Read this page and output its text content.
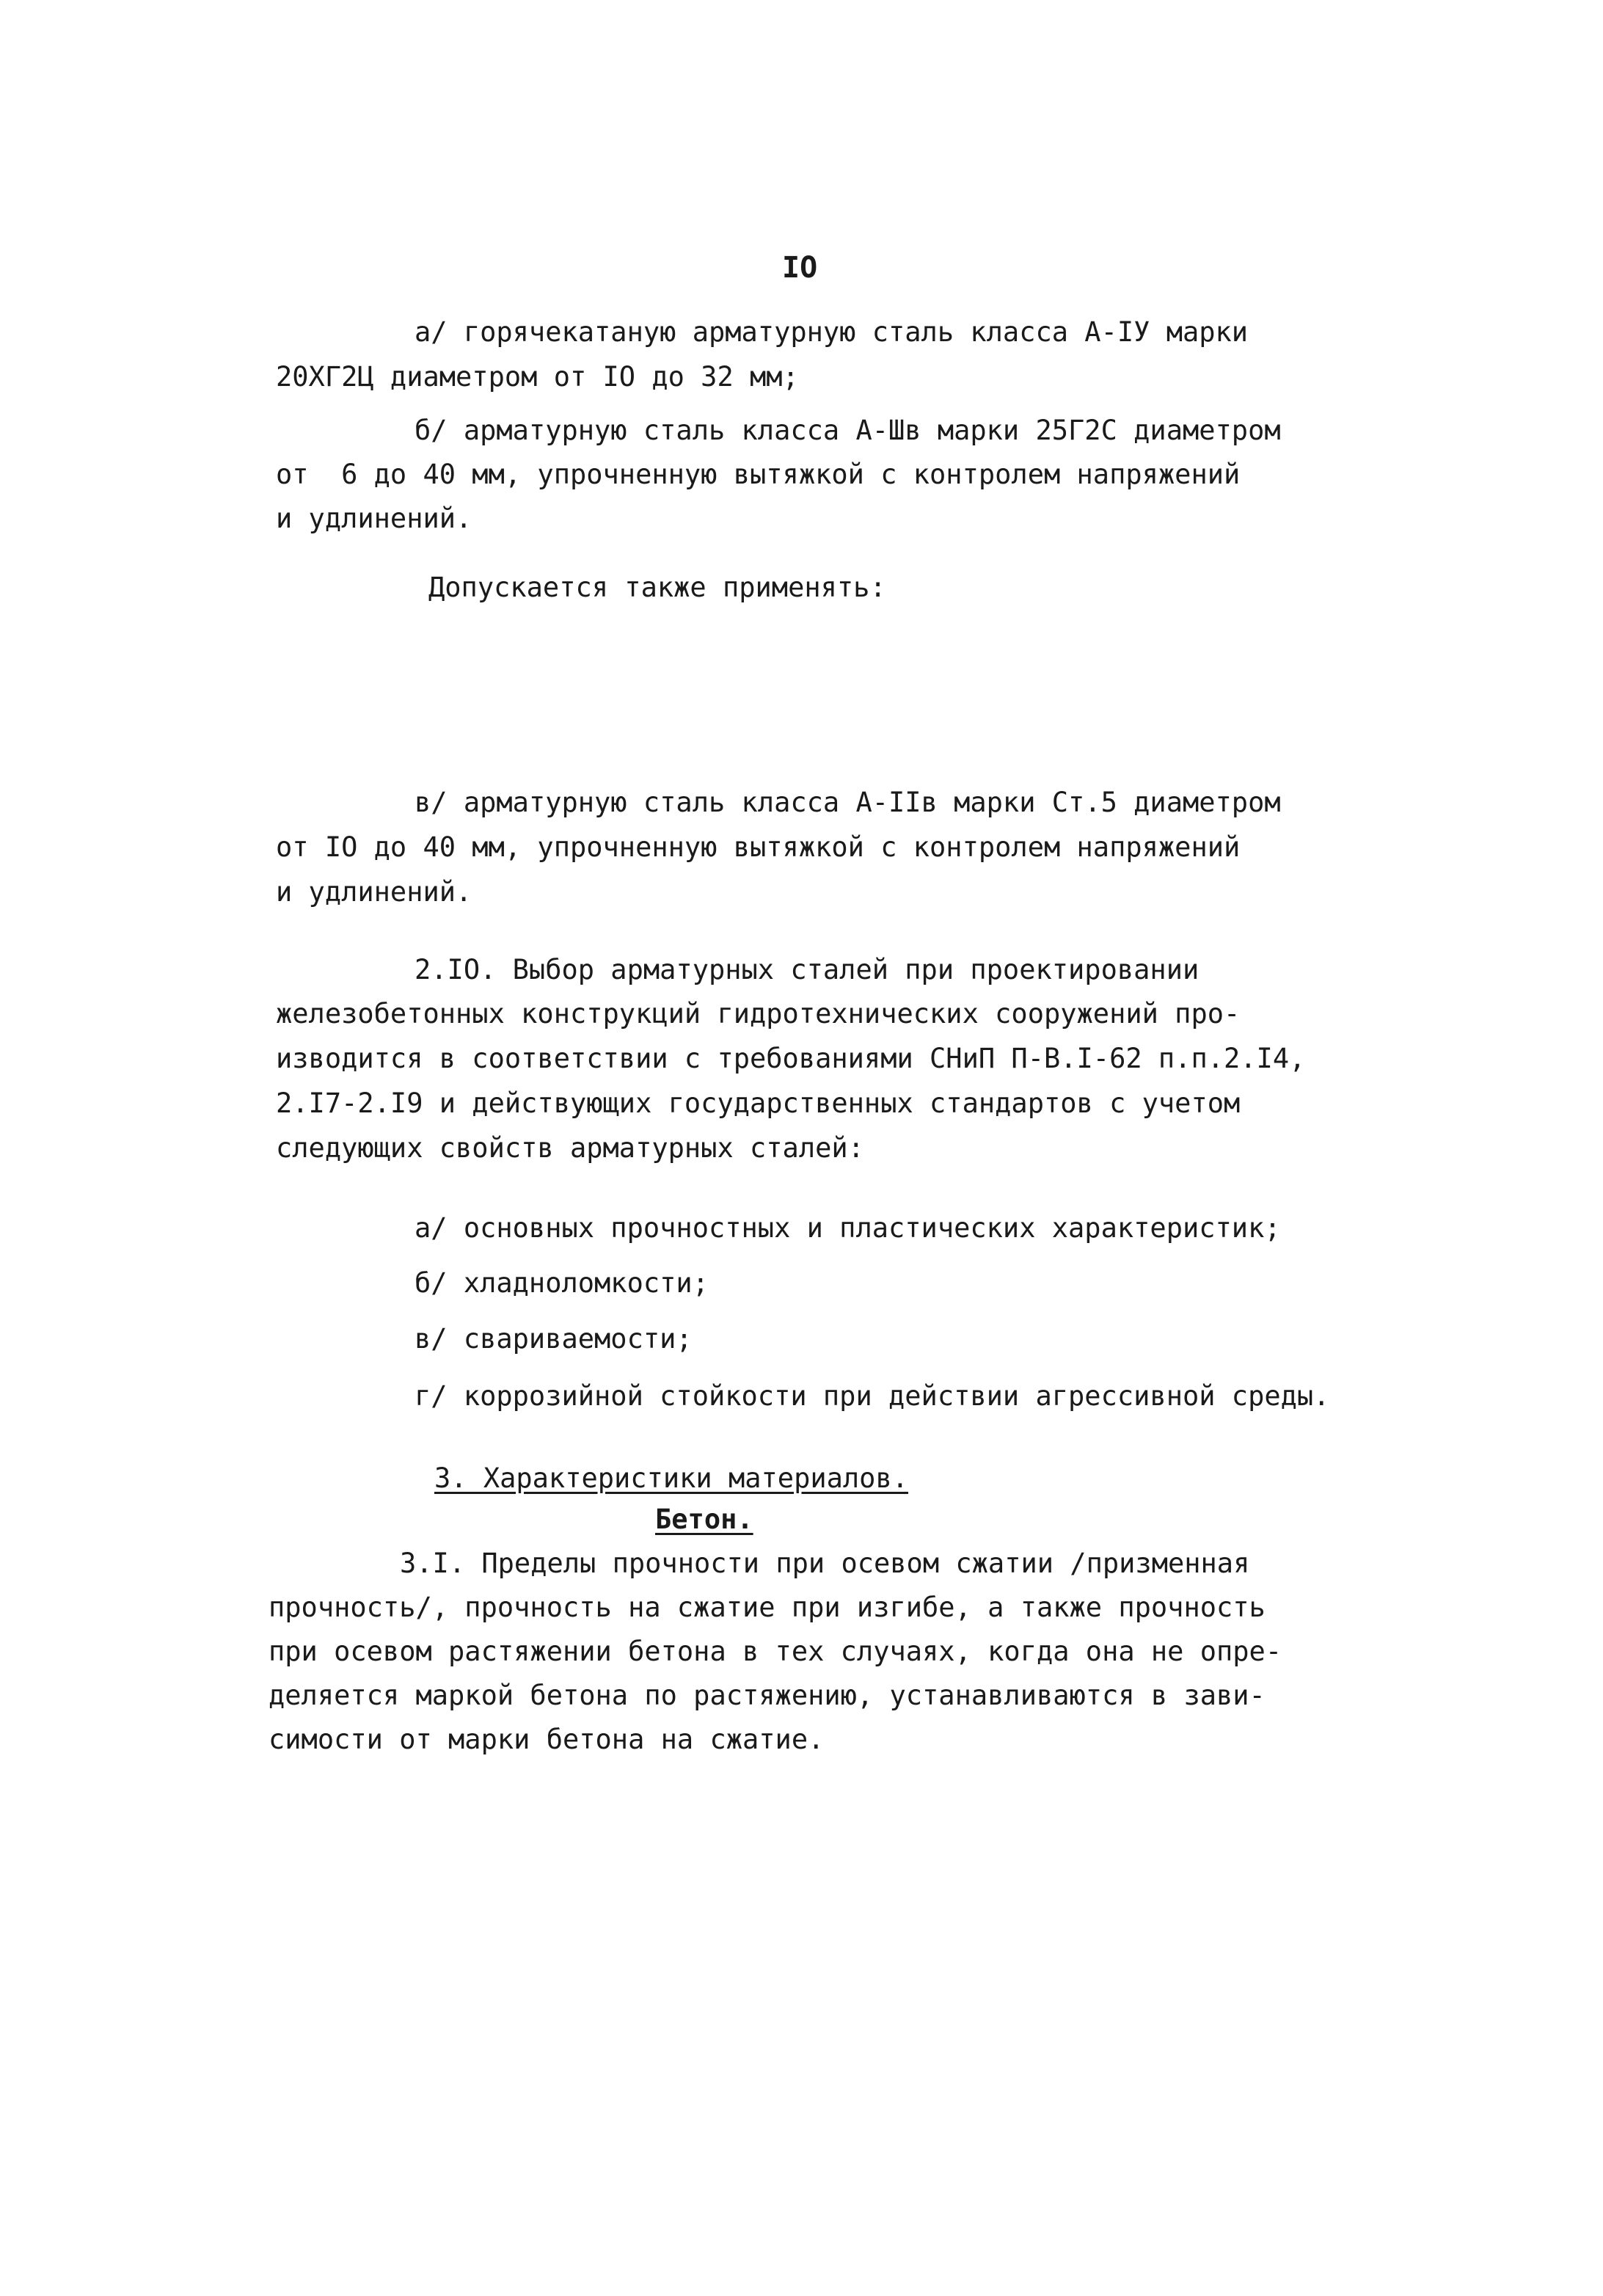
IO
а/ горячекатаную арматурную сталь класса А-IУ марки
20ХГ2Ц диаметром от IО до 32 мм;
б/ арматурную сталь класса А-Шв марки 25Г2С диаметром
от  6 до 40 мм, упрочненную вытяжкой с контролем напряжений
и удлинений.
Допускается также применять:
в/ арматурную сталь класса А-IIв марки Ст.5 диаметром
от IО до 40 мм, упрочненную вытяжкой с контролем напряжений
и удлинений.
2.IO. Выбор арматурных сталей при проектировании
железобетонных конструкций гидротехнических сооружений про-
изводится в соответствии с требованиями СНиП П-В.I-62 п.п.2.I4,
2.I7-2.I9 и действующих государственных стандартов с учетом
следующих свойств арматурных сталей:
а/ основных прочностных и пластических характеристик;
б/ хладноломкости;
в/ свариваемости;
г/ коррозийной стойкости при действии агрессивной среды.
3. Характеристики материалов.
Бетон.
3.I. Пределы прочности при осевом сжатии /призменная
прочность/, прочность на сжатие при изгибе, а также прочность
при осевом растяжении бетона в тех случаях, когда она не опре-
деляется маркой бетона по растяжению, устанавливаются в зави-
симости от марки бетона на сжатие.
